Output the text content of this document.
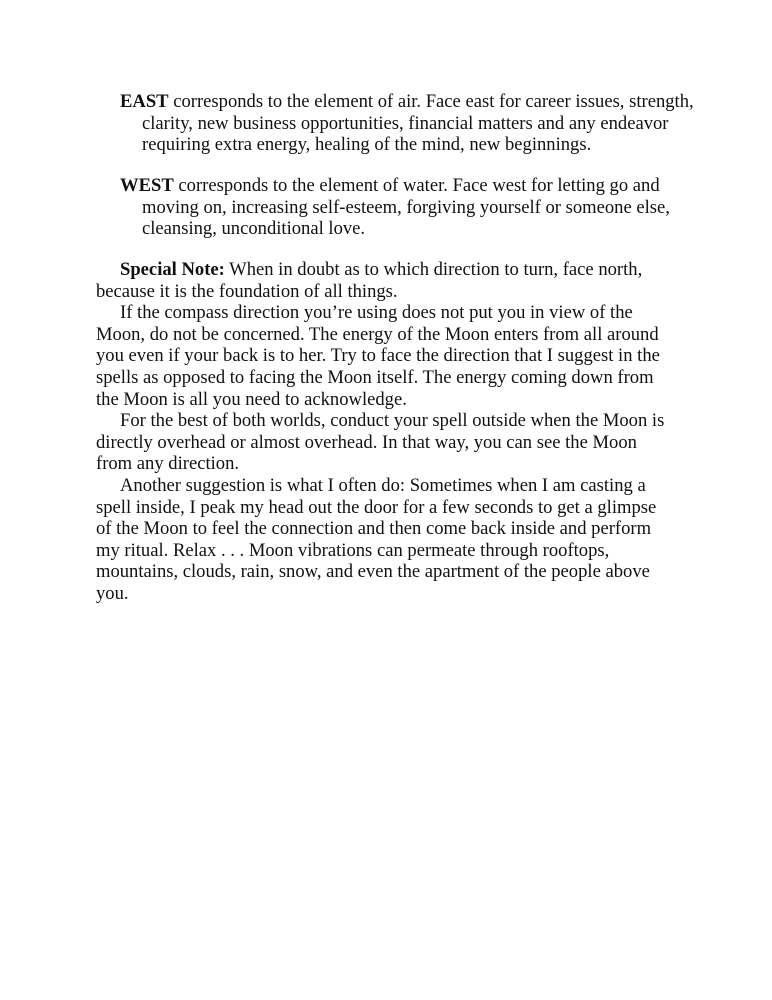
EAST corresponds to the element of air. Face east for career issues, strength, clarity, new business opportunities, financial matters and any endeavor requiring extra energy, healing of the mind, new beginnings.
WEST corresponds to the element of water. Face west for letting go and moving on, increasing self-esteem, forgiving yourself or someone else, cleansing, unconditional love.

Special Note: When in doubt as to which direction to turn, face north, because it is the foundation of all things.

If the compass direction you’re using does not put you in view of the Moon, do not be concerned. The energy of the Moon enters from all around you even if your back is to her. Try to face the direction that I suggest in the spells as opposed to facing the Moon itself. The energy coming down from the Moon is all you need to acknowledge.

For the best of both worlds, conduct your spell outside when the Moon is directly overhead or almost overhead. In that way, you can see the Moon from any direction.

Another suggestion is what I often do: Sometimes when I am casting a spell inside, I peak my head out the door for a few seconds to get a glimpse of the Moon to feel the connection and then come back inside and perform my ritual. Relax . . . Moon vibrations can permeate through rooftops, mountains, clouds, rain, snow, and even the apartment of the people above you.
